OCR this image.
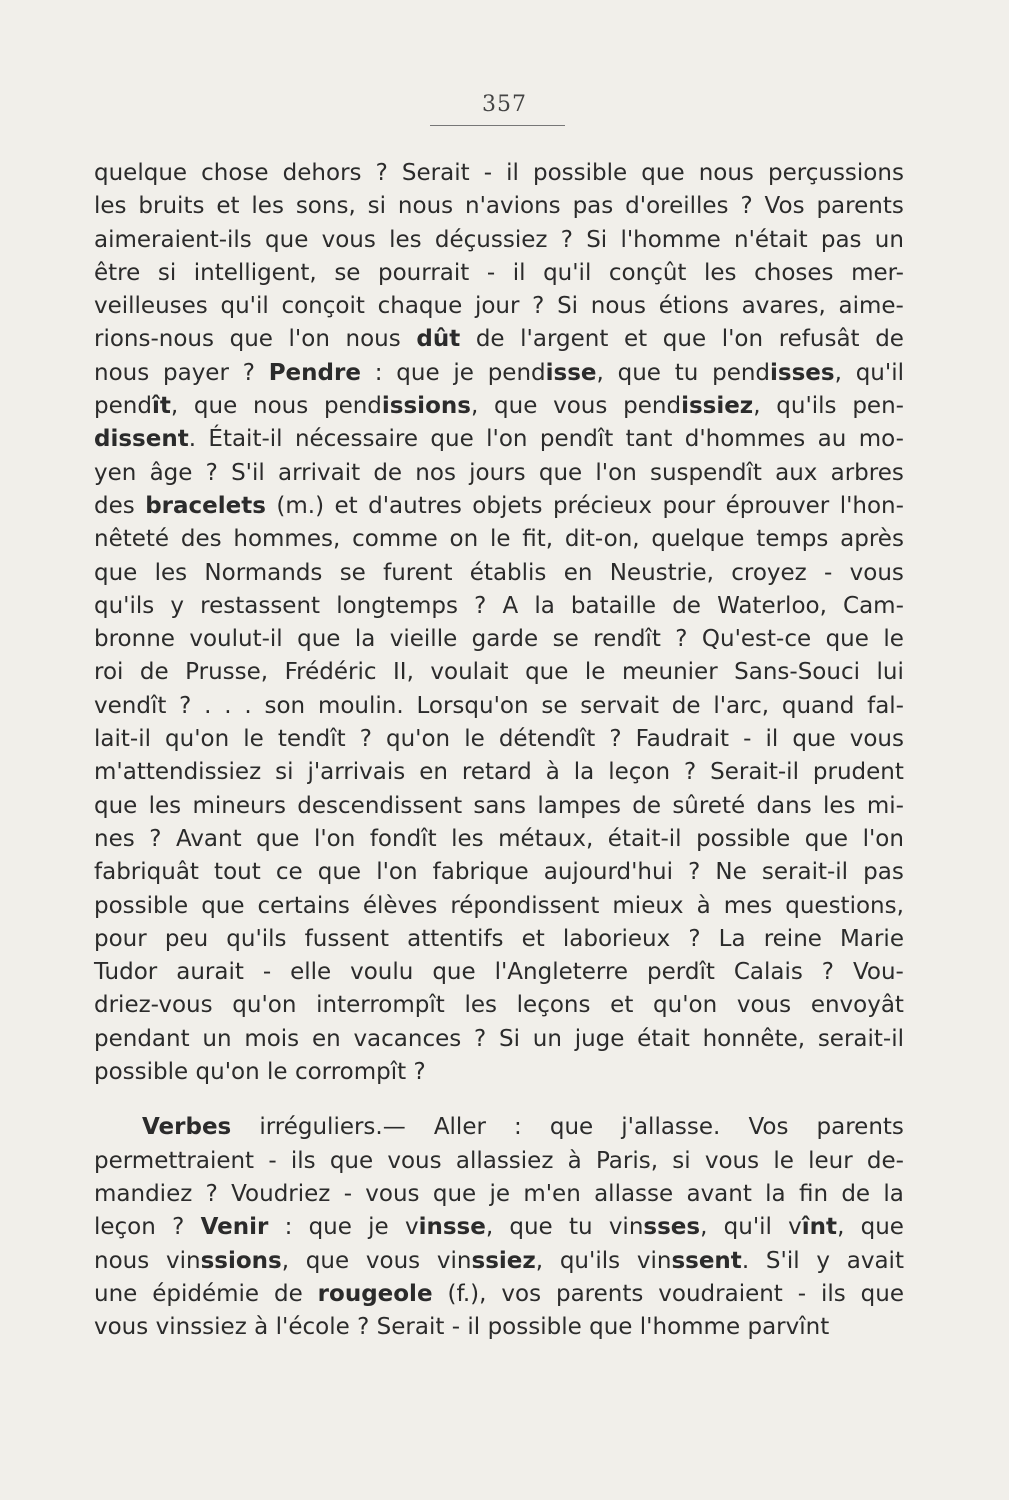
357
quelque chose dehors ? Serait - il possible que nous perçussions
les bruits et les sons, si nous n'avions pas d'oreilles ? Vos parents
aimeraient-ils que vous les déçussiez ? Si l'homme n'était pas un
être si intelligent, se pourrait - il qu'il conçût les choses mer-
veilleuses qu'il conçoit chaque jour ? Si nous étions avares, aime-
rions-nous que l'on nous dût de l'argent et que l'on refusât de
nous payer ? Pendre : que je pendisse, que tu pendisses, qu'il
pendît, que nous pendissions, que vous pendissiez, qu'ils pen-
dissent. Était-il nécessaire que l'on pendît tant d'hommes au mo-
yen âge ? S'il arrivait de nos jours que l'on suspendît aux arbres
des bracelets (m.) et d'autres objets précieux pour éprouver l'hon-
nêteté des hommes, comme on le fit, dit-on, quelque temps après
que les Normands se furent établis en Neustrie, croyez - vous
qu'ils y restassent longtemps ? A la bataille de Waterloo, Cam-
bronne voulut-il que la vieille garde se rendît ? Qu'est-ce que le
roi de Prusse, Frédéric II, voulait que le meunier Sans-Souci lui
vendît ? . . . son moulin. Lorsqu'on se servait de l'arc, quand fal-
lait-il qu'on le tendît ? qu'on le détendît ? Faudrait - il que vous
m'attendissiez si j'arrivais en retard à la leçon ? Serait-il prudent
que les mineurs descendissent sans lampes de sûreté dans les mi-
nes ? Avant que l'on fondît les métaux, était-il possible que l'on
fabriquât tout ce que l'on fabrique aujourd'hui ? Ne serait-il pas
possible que certains élèves répondissent mieux à mes questions,
pour peu qu'ils fussent attentifs et laborieux ? La reine Marie
Tudor aurait - elle voulu que l'Angleterre perdît Calais ? Vou-
driez-vous qu'on interrompît les leçons et qu'on vous envoyât
pendant un mois en vacances ? Si un juge était honnête, serait-il
possible qu'on le corrompît ?
Verbes irréguliers.— Aller : que j'allasse. Vos parents
permettraient - ils que vous allassiez à Paris, si vous le leur de-
mandiez ? Voudriez - vous que je m'en allasse avant la fin de la
leçon ? Venir : que je vinsse, que tu vinsses, qu'il vînt, que
nous vinssions, que vous vinssiez, qu'ils vinssent. S'il y avait
une épidémie de rougeole (f.), vos parents voudraient - ils que
vous vinssiez à l'école ? Serait - il possible que l'homme parvînt
